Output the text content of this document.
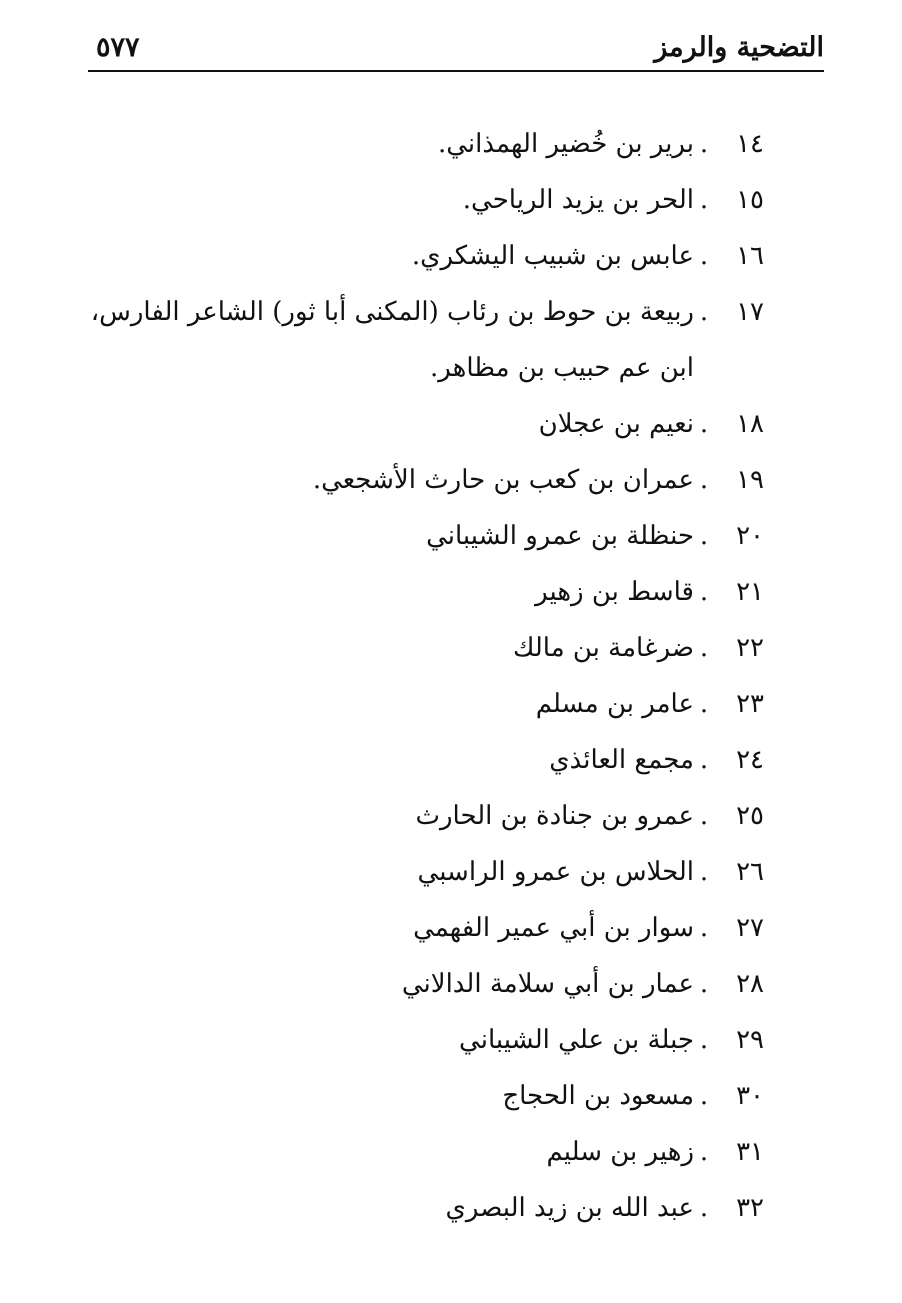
التضحية والرمز
٥٧٧
١٤
.
برير بن خُضير الهمذاني.
١٥
.
الحر بن يزيد الرياحي.
١٦
.
عابس بن شبيب اليشكري.
١٧
.
ربيعة بن حوط بن رئاب (المكنى أبا ثور) الشاعر الفارس، ابن عم حبيب بن مظاهر.
١٨
.
نعيم بن عجلان
١٩
.
عمران بن كعب بن حارث الأشجعي.
٢٠
.
حنظلة بن عمرو الشيباني
٢١
.
قاسط بن زهير
٢٢
.
ضرغامة بن مالك
٢٣
.
عامر بن مسلم
٢٤
.
مجمع العائذي
٢٥
.
عمرو بن جنادة بن الحارث
٢٦
.
الحلاس بن عمرو الراسبي
٢٧
.
سوار بن أبي عمير الفهمي
٢٨
.
عمار بن أبي سلامة الدالاني
٢٩
.
جبلة بن علي الشيباني
٣٠
.
مسعود بن الحجاج
٣١
.
زهير بن سليم
٣٢
.
عبد الله بن زيد البصري
